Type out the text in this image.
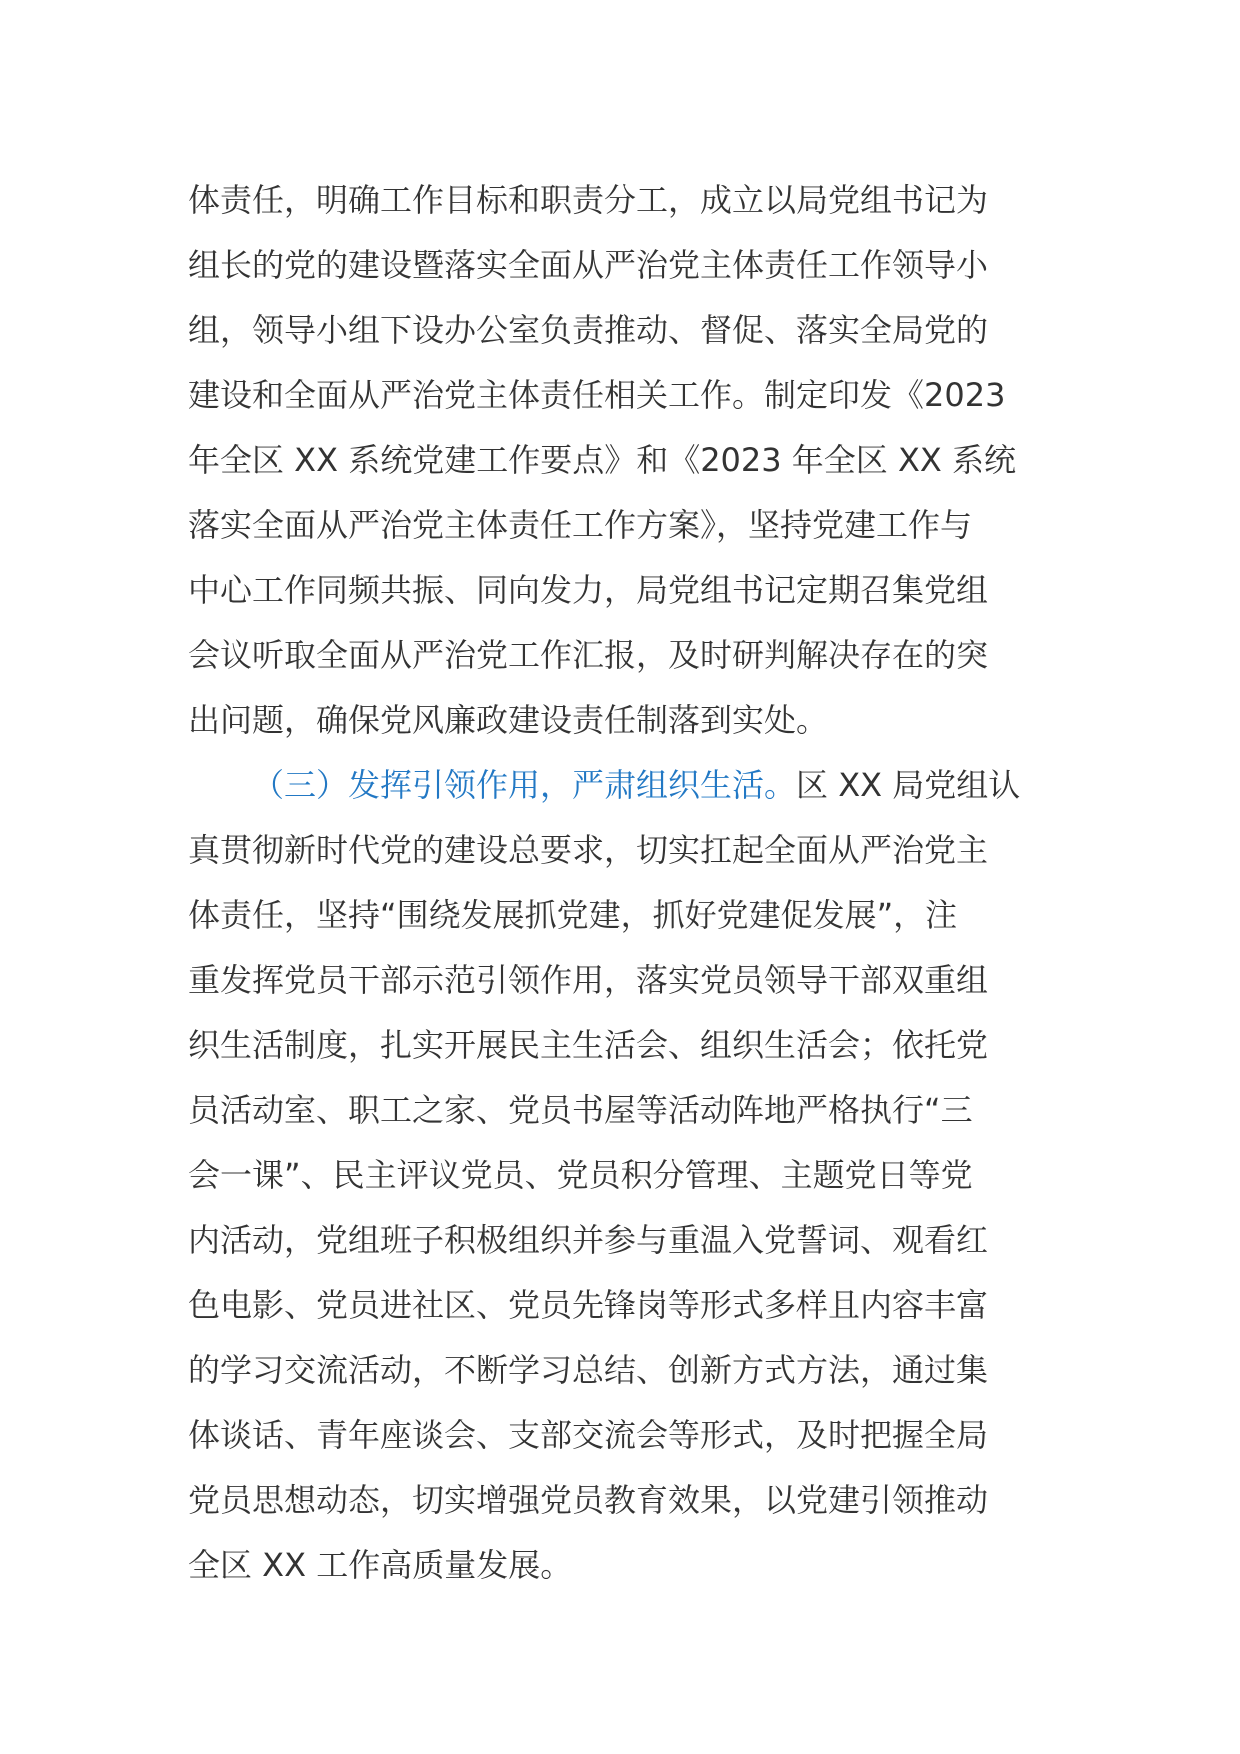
体责任，明确工作目标和职责分工，成立以局党组书记为
组长的党的建设暨落实全面从严治党主体责任工作领导小
组，领导小组下设办公室负责推动、督促、落实全局党的
建设和全面从严治党主体责任相关工作。制定印发《2023
年全区 XX 系统党建工作要点》和《2023 年全区 XX 系统
落实全面从严治党主体责任工作方案》，坚持党建工作与
中心工作同频共振、同向发力，局党组书记定期召集党组
会议听取全面从严治党工作汇报，及时研判解决存在的突
出问题，确保党风廉政建设责任制落到实处。
（三）发挥引领作用，严肃组织生活。区 XX 局党组认
真贯彻新时代党的建设总要求，切实扛起全面从严治党主
体责任，坚持“围绕发展抓党建，抓好党建促发展”，注
重发挥党员干部示范引领作用，落实党员领导干部双重组
织生活制度，扎实开展民主生活会、组织生活会；依托党
员活动室、职工之家、党员书屋等活动阵地严格执行“三
会一课”、民主评议党员、党员积分管理、主题党日等党
内活动，党组班子积极组织并参与重温入党誓词、观看红
色电影、党员进社区、党员先锋岗等形式多样且内容丰富
的学习交流活动，不断学习总结、创新方式方法，通过集
体谈话、青年座谈会、支部交流会等形式，及时把握全局
党员思想动态，切实增强党员教育效果，以党建引领推动
全区 XX 工作高质量发展。
